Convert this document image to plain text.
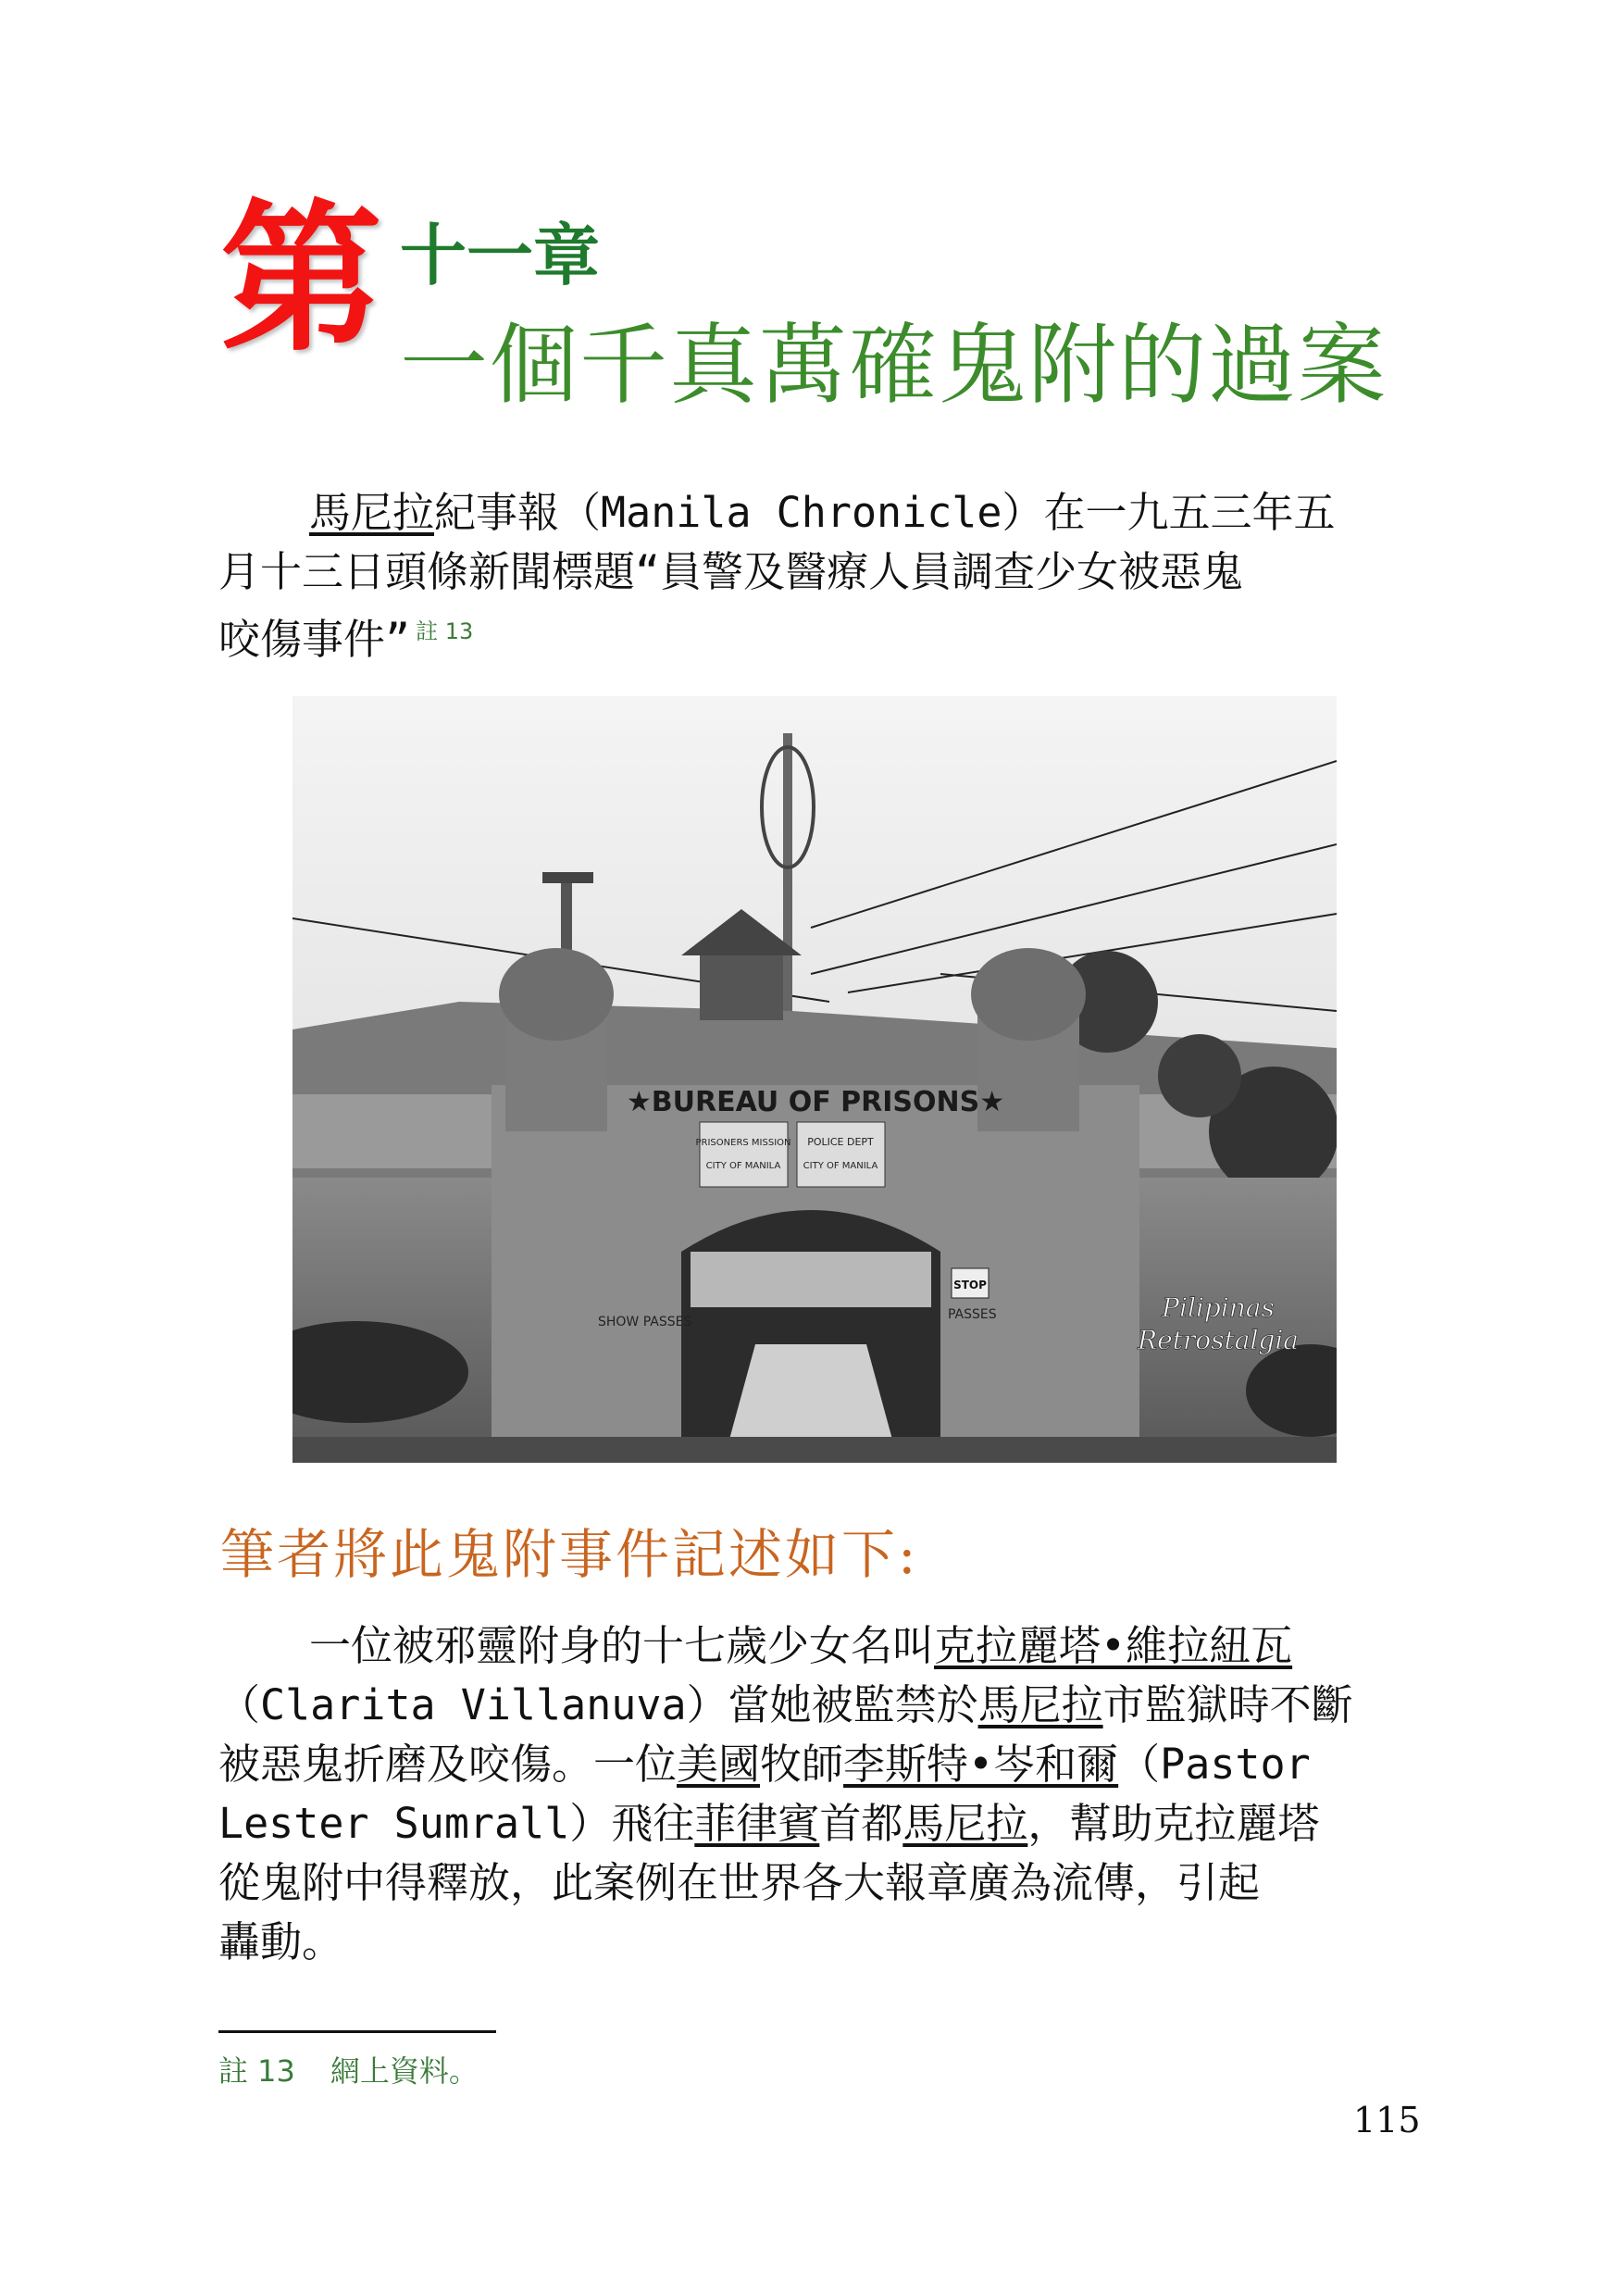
第 十一章
一個千真萬確鬼附的過案
馬尼拉紀事報（Manila Chronicle）在一九五三年五
月十三日頭條新聞標題“員警及醫療人員調查少女被惡鬼
咬傷事件” $^{註 13}$
★BUREAU OF PRISONS★
PRISONERS MISSION
CITY OF MANILA
POLICE DEPT
CITY OF MANILA
STOP
SHOW PASSES	PASSES	Pilipinas
Retrostalgia
筆者將此鬼附事件記述如下:
一位被邪靈附身的十七歲少女名叫克拉麗塔•維拉紐瓦
（Clarita Villanuva）當她被監禁於馬尼拉市監獄時不斷
被惡鬼折磨及咬傷。一位美國牧師李斯特•岑和爾（Pastor
Lester Sumrall）飛往菲律賓首都馬尼拉，幫助克拉麗塔
從鬼附中得釋放，此案例在世界各大報章廣為流傳，引起
轟動。
註 13 網上資料。
115
